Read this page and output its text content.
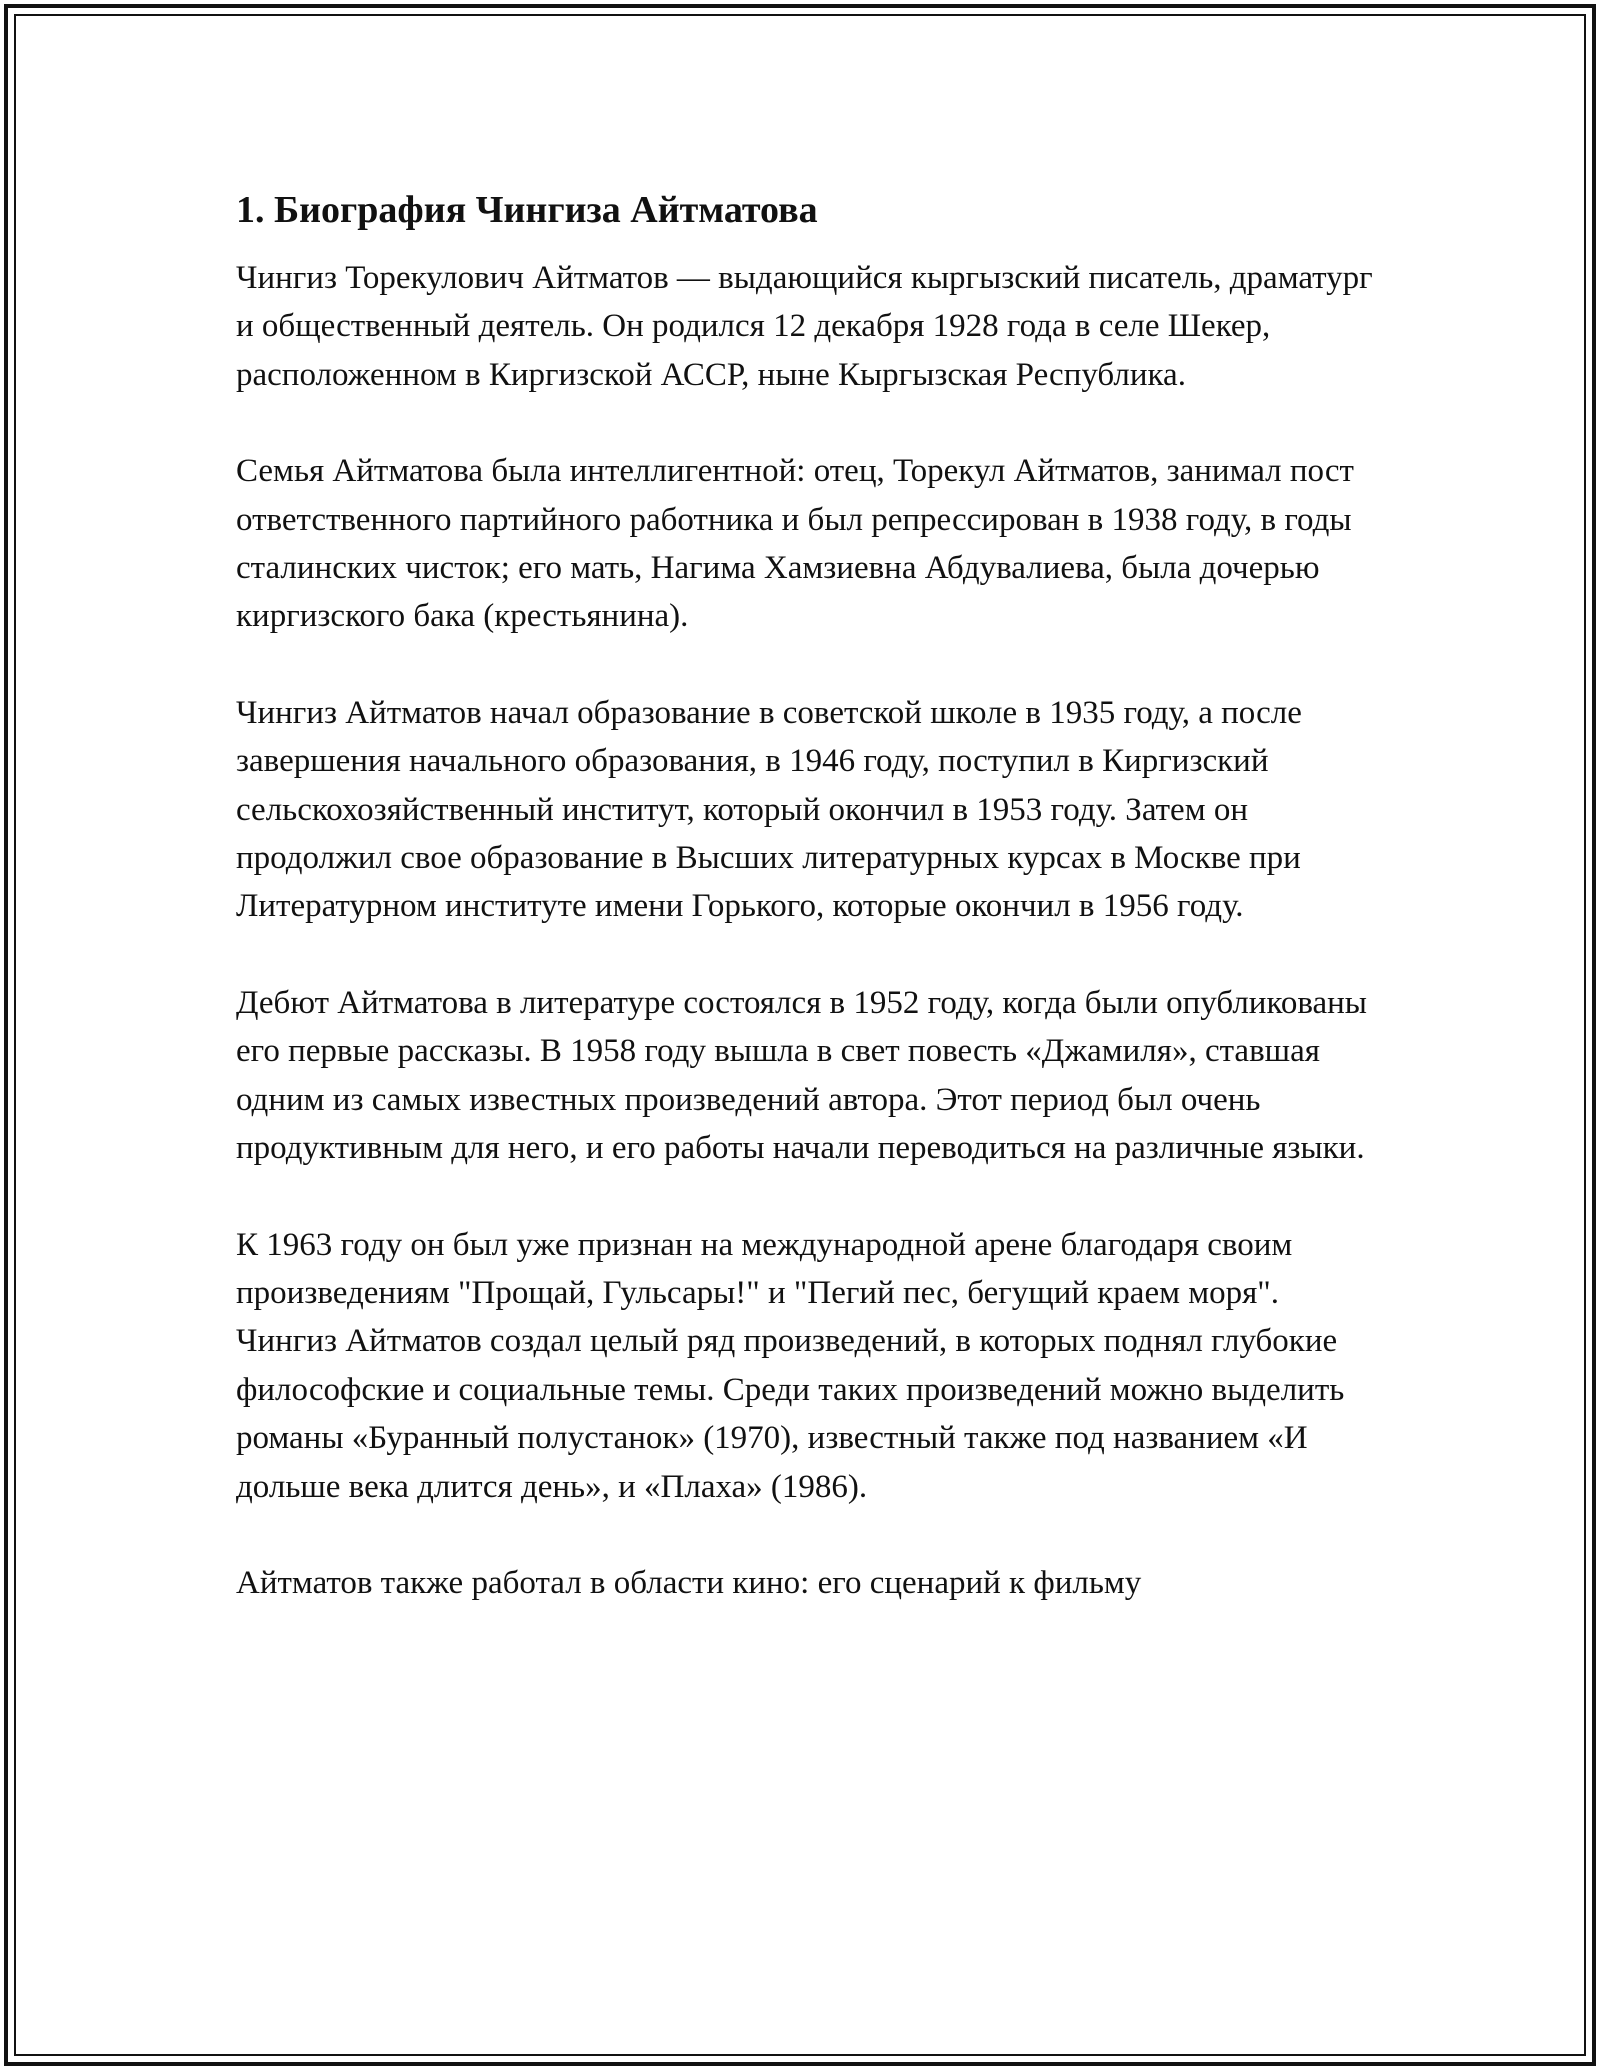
1. Биография Чингиза Айтматова

Чингиз Торекулович Айтматов — выдающийся кыргызский писатель, драматург и общественный деятель. Он родился 12 декабря 1928 года в селе Шекер, расположенном в Киргизской АССР, ныне Кыргызская Республика.

Семья Айтматова была интеллигентной: отец, Торекул Айтматов, занимал пост ответственного партийного работника и был репрессирован в 1938 году, в годы сталинских чисток; его мать, Нагима Хамзиевна Абдувалиева, была дочерью киргизского бака (крестьянина).

Чингиз Айтматов начал образование в советской школе в 1935 году, а после завершения начального образования, в 1946 году, поступил в Киргизский сельскохозяйственный институт, который окончил в 1953 году. Затем он продолжил свое образование в Высших литературных курсах в Москве при Литературном институте имени Горького, которые окончил в 1956 году.

Дебют Айтматова в литературе состоялся в 1952 году, когда были опубликованы его первые рассказы. В 1958 году вышла в свет повесть «Джамиля», ставшая одним из самых известных произведений автора. Этот период был очень продуктивным для него, и его работы начали переводиться на различные языки.

К 1963 году он был уже признан на международной арене благодаря своим произведениям "Прощай, Гульсары!" и "Пегий пес, бегущий краем моря". Чингиз Айтматов создал целый ряд произведений, в которых поднял глубокие философские и социальные темы. Среди таких произведений можно выделить романы «Буранный полустанок» (1970), известный также под названием «И дольше века длится день», и «Плаха» (1986).

Айтматов также работал в области кино: его сценарий к фильму
